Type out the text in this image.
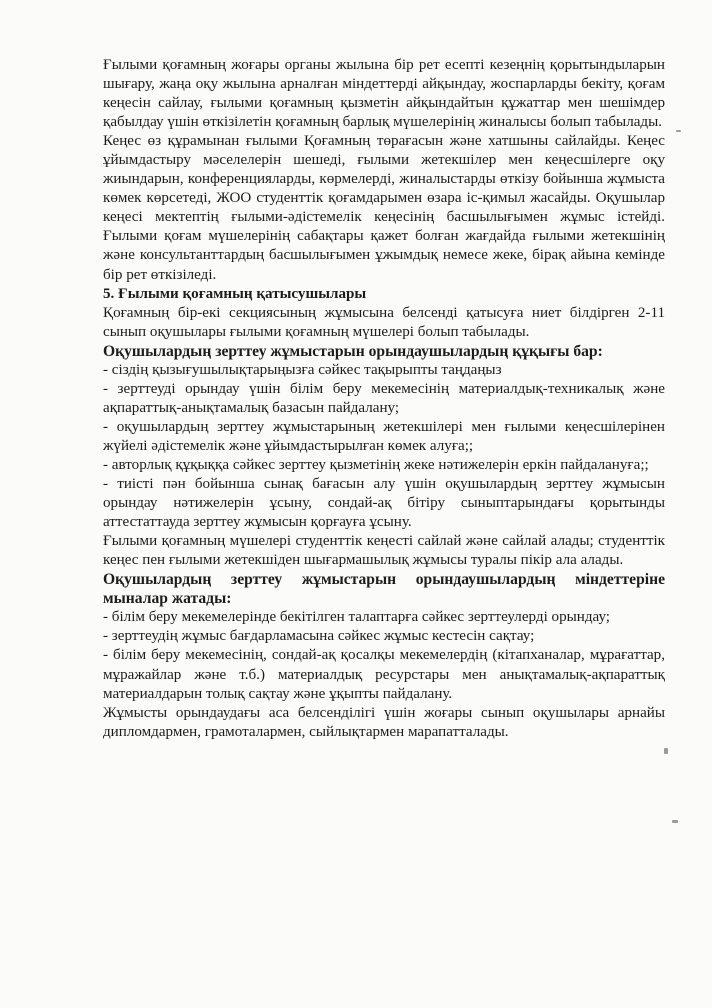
Ғылыми қоғамның жоғары органы жылына бір рет есепті кезеңнің қорытындыларын шығару, жаңа оқу жылына арналған міндеттерді айқындау, жоспарларды бекіту, қоғам кеңесін сайлау, ғылыми қоғамның қызметін айқындайтын құжаттар мен шешімдер қабылдау үшін өткізілетін қоғамның барлық мүшелерінің жиналысы болып табылады.

Кеңес өз құрамынан ғылыми Қоғамның төрағасын және хатшыны сайлайды. Кеңес ұйымдастыру мәселелерін шешеді, ғылыми жетекшілер мен кеңесшілерге оқу жиындарын, конференцияларды, көрмелерді, жиналыстарды өткізу бойынша жұмыста көмек көрсетеді, ЖОО студенттік қоғамдарымен өзара іс-қимыл жасайды. Оқушылар кеңесі мектептің ғылыми-әдістемелік кеңесінің басшылығымен жұмыс істейді. Ғылыми қоғам мүшелерінің сабақтары қажет болған жағдайда ғылыми жетекшінің және консультанттардың басшылығымен ұжымдық немесе жеке, бірақ айына кемінде бір рет өткізіледі.

5. Ғылыми қоғамның қатысушылары

Қоғамның бір-екі секциясының жұмысына белсенді қатысуға ниет білдірген 2-11 сынып оқушылары ғылыми қоғамның мүшелері болып табылады.

Оқушылардың зерттеу жұмыстарын орындаушылардың құқығы бар:

- сіздің қызығушылықтарыңызға сәйкес тақырыпты таңдаңыз

- зерттеуді орындау үшін білім беру мекемесінің материалдық-техникалық және ақпараттық-анықтамалық базасын пайдалану;

- оқушылардың зерттеу жұмыстарының жетекшілері мен ғылыми кеңесшілерінен жүйелі әдістемелік және ұйымдастырылған көмек алуға;;

- авторлық құқыққа сәйкес зерттеу қызметінің жеке нәтижелерін еркін пайдалануға;;

- тиісті пән бойынша сынақ бағасын алу үшін оқушылардың зерттеу жұмысын орындау нәтижелерін ұсыну, сондай-ақ бітіру сыныптарындағы қорытынды аттестаттауда зерттеу жұмысын қорғауға ұсыну.

Ғылыми қоғамның мүшелері студенттік кеңесті сайлай және сайлай алады; студенттік кеңес пен ғылыми жетекшіден шығармашылық жұмысы туралы пікір ала алады.

Оқушылардың зерттеу жұмыстарын орындаушылардың міндеттеріне мыналар жатады:

- білім беру мекемелерінде бекітілген талаптарға сәйкес зерттеулерді орындау;

- зерттеудің жұмыс бағдарламасына сәйкес жұмыс кестесін сақтау;

- білім беру мекемесінің, сондай-ақ қосалқы мекемелердің (кітапханалар, мұрағаттар, мұражайлар және т.б.) материалдық ресурстары мен анықтамалық-ақпараттық материалдарын толық сақтау және ұқыпты пайдалану.

Жұмысты орындаудағы аса белсенділігі үшін жоғары сынып оқушылары арнайы дипломдармен, грамоталармен, сыйлықтармен марапатталады.
